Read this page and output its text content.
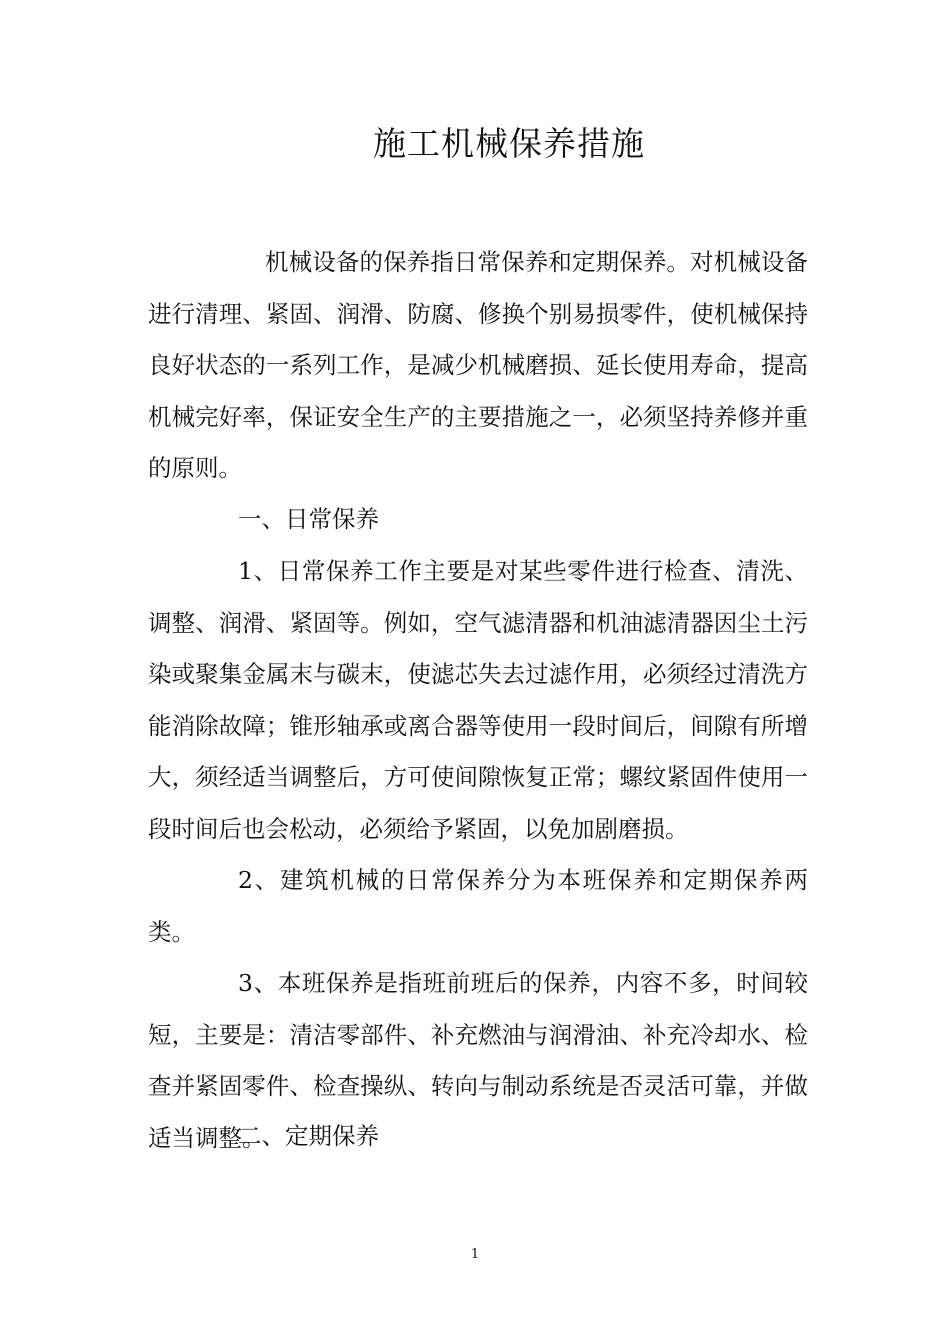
施工机械保养措施

机械设备的保养指日常保养和定期保养。对机械设备进行清理、紧固、润滑、防腐、修换个别易损零件，使机械保持良好状态的一系列工作，是减少机械磨损、延长使用寿命，提高机械完好率，保证安全生产的主要措施之一，必须坚持养修并重的原则。

一、日常保养

1、日常保养工作主要是对某些零件进行检查、清洗、调整、润滑、紧固等。例如，空气滤清器和机油滤清器因尘土污染或聚集金属末与碳末，使滤芯失去过滤作用，必须经过清洗方能消除故障；锥形轴承或离合器等使用一段时间后，间隙有所增大，须经适当调整后，方可使间隙恢复正常；螺纹紧固件使用一段时间后也会松动，必须给予紧固，以免加剧磨损。

2、建筑机械的日常保养分为本班保养和定期保养两类。

3、本班保养是指班前班后的保养，内容不多，时间较短，主要是：清洁零部件、补充燃油与润滑油、补充冷却水、检查并紧固零件、检查操纵、转向与制动系统是否灵活可靠，并做适当调整。

二、定期保养

1
